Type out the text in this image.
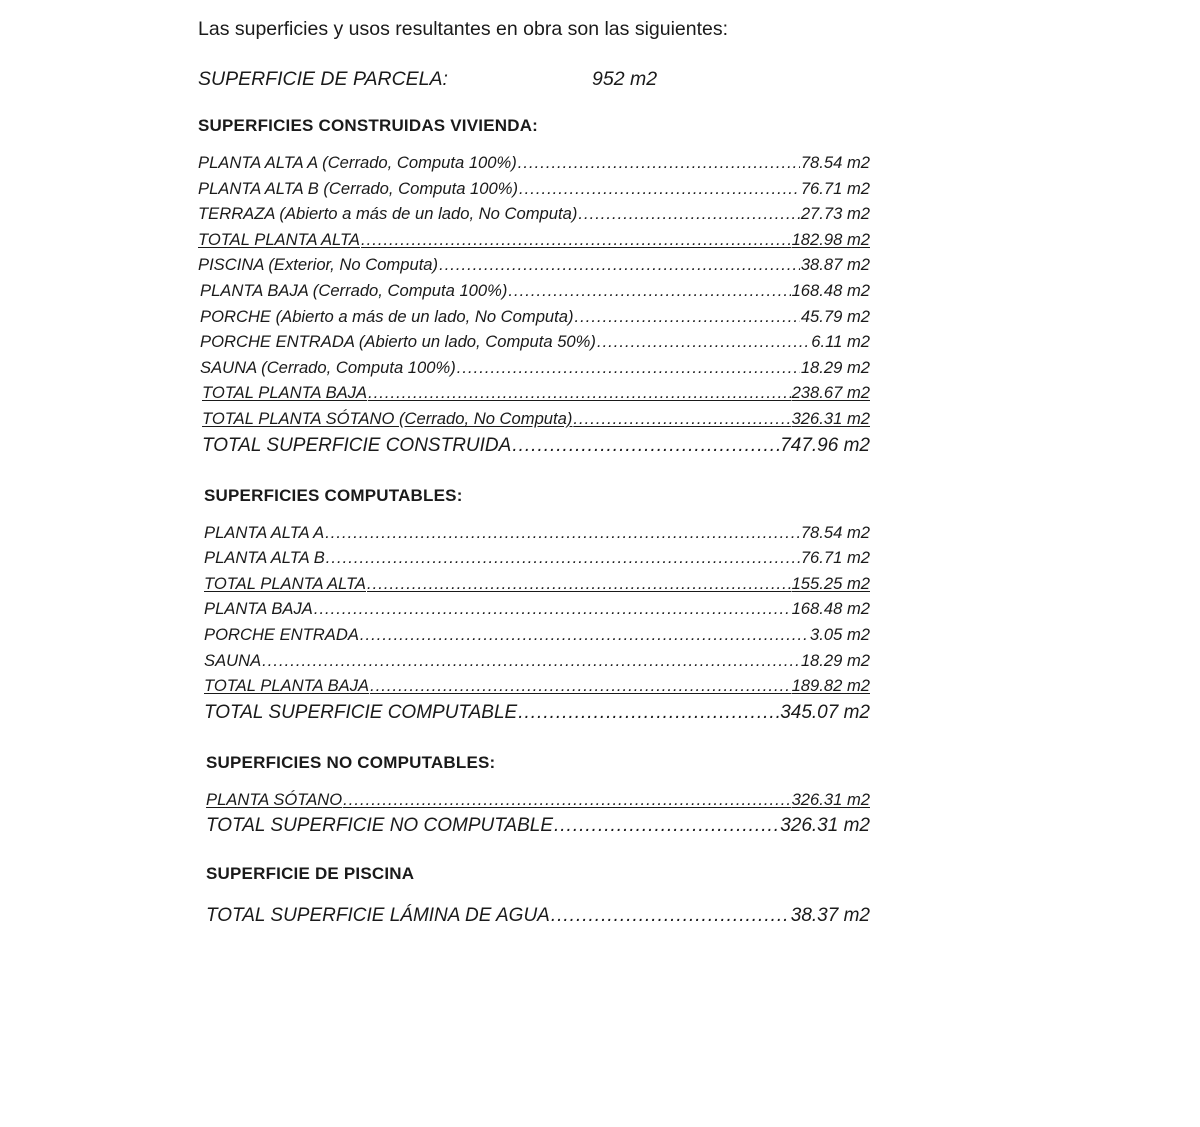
Las superficies y usos resultantes en obra son las siguientes:

SUPERFICIE DE PARCELA:	952 m2

SUPERFICIES CONSTRUIDAS VIVIENDA:

PLANTA ALTA A (Cerrado, Computa 100%) .....	78.54 m2
PLANTA ALTA B (Cerrado, Computa 100%) .....	76.71 m2
TERRAZA (Abierto a más de un lado, No Computa) .....	27.73 m2
TOTAL PLANTA ALTA .....	182.98 m2
PISCINA (Exterior, No Computa) .....	38.87 m2
PLANTA BAJA (Cerrado, Computa 100%) .....	168.48 m2
PORCHE (Abierto a más de un lado, No Computa) .....	45.79 m2
PORCHE ENTRADA (Abierto un lado, Computa 50%) .....	6.11 m2
SAUNA (Cerrado, Computa 100%) .....	18.29 m2
TOTAL PLANTA BAJA .....	238.67 m2
TOTAL PLANTA SÓTANO (Cerrado, No Computa) .....	326.31 m2
TOTAL SUPERFICIE CONSTRUIDA .....	747.96 m2

SUPERFICIES COMPUTABLES:

PLANTA ALTA A .....	78.54 m2
PLANTA ALTA B .....	76.71 m2
TOTAL PLANTA ALTA .....	155.25 m2
PLANTA BAJA .....	168.48 m2
PORCHE ENTRADA .....	3.05 m2
SAUNA .....	18.29 m2
TOTAL PLANTA BAJA .....	189.82 m2
TOTAL SUPERFICIE COMPUTABLE .....	345.07 m2

SUPERFICIES NO COMPUTABLES:

PLANTA SÓTANO .....	326.31 m2
TOTAL SUPERFICIE NO COMPUTABLE .....	326.31 m2

SUPERFICIE DE PISCINA

TOTAL SUPERFICIE LÁMINA DE AGUA .....	38.37 m2
